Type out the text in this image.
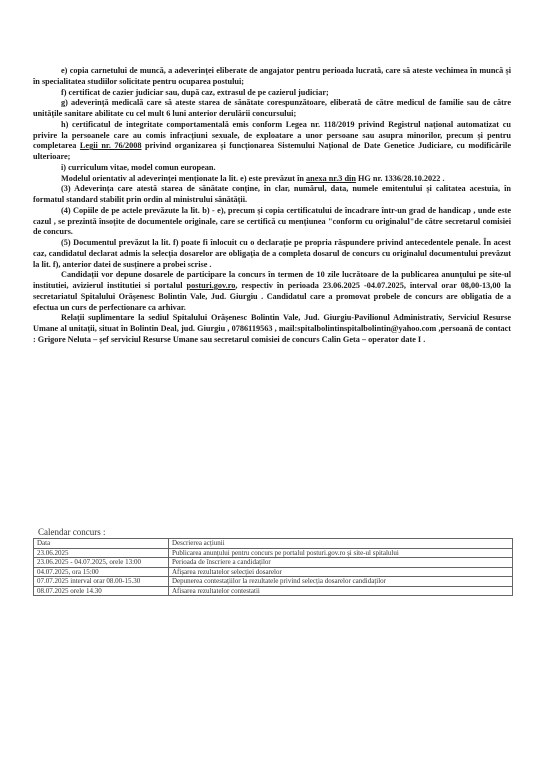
e) copia carnetului de muncă, a adeverinței eliberate de angajator pentru perioada lucrată, care să ateste vechimea în muncă și în specialitatea studiilor solicitate pentru ocuparea postului;

f) certificat de cazier judiciar sau, după caz, extrasul de pe cazierul judiciar;

g) adeverință medicală care să ateste starea de sănătate corespunzătoare, eliberată de către medicul de familie sau de către unitățile sanitare abilitate cu cel mult 6 luni anterior derulării concursului;

h) certificatul de integritate comportamentală emis conform Legea nr. 118/2019 privind Registrul național automatizat cu privire la persoanele care au comis infracțiuni sexuale, de exploatare a unor persoane sau asupra minorilor, precum și pentru completarea Legii nr. 76/2008 privind organizarea și funcționarea Sistemului Național de Date Genetice Judiciare, cu modificările ulterioare;

i) curriculum vitae, model comun european.

Modelul orientativ al adeverinței menționate la lit. e) este prevăzut în anexa nr.3 din HG nr. 1336/28.10.2022 .

(3) Adeverința care atestă starea de sănătate conține, în clar, numărul, data, numele emitentului și calitatea acestuia, în formatul standard stabilit prin ordin al ministrului sănătății.

(4) Copiile de pe actele prevăzute la lit. b) - e), precum și copia certificatului de încadrare într-un grad de handicap , unde este cazul , se prezintă însoțite de documentele originale, care se certifică cu mențiunea "conform cu originalul"de către secretarul comisiei de concurs.

(5) Documentul prevăzut la lit. f) poate fi înlocuit cu o declarație pe propria răspundere privind antecedentele penale. În acest caz, candidatul declarat admis la selecția dosarelor are obligația de a completa dosarul de concurs cu originalul documentului prevăzut la lit. f), anterior datei de susținere a probei scrise .

Candidații vor depune dosarele de participare la concurs în termen de 10 zile lucrătoare de la publicarea anunțului pe site-ul institutiei, avizierul institutiei si portalul posturi.gov.ro, respectiv în perioada 23.06.2025 -04.07.2025, interval orar 08,00-13,00 la secretariatul Spitalului Orășenesc Bolintin Vale, Jud. Giurgiu . Candidatul care a promovat probele de concurs are obligatia de a efectua un curs de perfectionare ca arhivar.

Relații suplimentare la sediul Spitalului Orășenesc Bolintin Vale, Jud. Giurgiu-Pavilionul Administrativ, Serviciul Resurse Umane al unitații, situat în Bolintin Deal, jud. Giurgiu , 0786119563 , mail:spitalbolintinspitalbolintin@yahoo.com ,persoană de contact : Grigore Neluta – șef serviciul Resurse Umane sau secretarul comisiei de concurs Calin Geta – operator date I .

Calendar concurs :
Data	Descrierea acțiunii
23.06.2025	Publicarea anunțului pentru concurs pe portalul posturi.gov.ro și site-ul spitalului
23.06.2025 - 04.07.2025, orele 13:00	Perioada de înscriere a candidaților
04.07.2025, ora 15:00	Afișarea rezultatelor selecției dosarelor
07.07.2025 interval orar 08.00-15.30	Depunerea contestațiilor la rezultatele privind selecția dosarelor candidaților
08.07.2025 orele 14.30	Afisarea rezultatelor contestatii
